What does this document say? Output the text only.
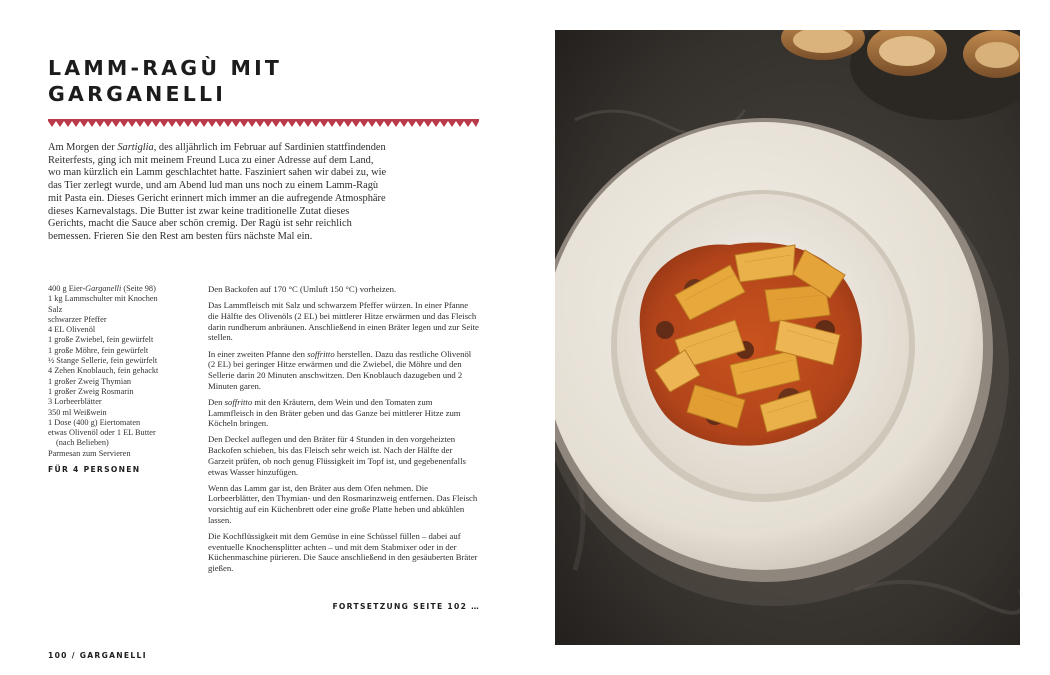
LAMM-RAGÙ MIT
GARGANELLI

Am Morgen der Sartiglia, des alljährlich im Februar auf Sardinien stattfindenden Reiterfests, ging ich mit meinem Freund Luca zu einer Adresse auf dem Land, wo man kürzlich ein Lamm geschlachtet hatte. Fasziniert sahen wir dabei zu, wie das Tier zerlegt wurde, und am Abend lud man uns noch zu einem Lamm-Ragù mit Pasta ein. Dieses Gericht erinnert mich immer an die aufregende Atmosphäre dieses Karnevalstags. Die Butter ist zwar keine traditionelle Zutat dieses Gerichts, macht die Sauce aber schön cremig. Der Ragù ist sehr reichlich bemessen. Frieren Sie den Rest am besten fürs nächste Mal ein.

400 g Eier-Garganelli (Seite 98)
1 kg Lammschulter mit Knochen
Salz
schwarzer Pfeffer
4 EL Olivenöl
1 große Zwiebel, fein gewürfelt
1 große Möhre, fein gewürfelt
½ Stange Sellerie, fein gewürfelt
4 Zehen Knoblauch, fein gehackt
1 großer Zweig Thymian
1 großer Zweig Rosmarin
3 Lorbeerblätter
350 ml Weißwein
1 Dose (400 g) Eiertomaten
etwas Olivenöl oder 1 EL Butter
(nach Belieben)
Parmesan zum Servieren
FÜR 4 PERSONEN

Den Backofen auf 170 °C (Umluft 150 °C) vorheizen.

Das Lammfleisch mit Salz und schwarzem Pfeffer würzen. In einer Pfanne die Hälfte des Olivenöls (2 EL) bei mittlerer Hitze erwärmen und das Fleisch darin rundherum anbräunen. Anschließend in einen Bräter legen und zur Seite stellen.

In einer zweiten Pfanne den soffritto herstellen. Dazu das restliche Olivenöl (2 EL) bei geringer Hitze erwärmen und die Zwiebel, die Möhre und den Sellerie darin 20 Minuten anschwitzen. Den Knoblauch dazugeben und 2 Minuten garen.

Den soffritto mit den Kräutern, dem Wein und den Tomaten zum Lammfleisch in den Bräter geben und das Ganze bei mittlerer Hitze zum Köcheln bringen.

Den Deckel auflegen und den Bräter für 4 Stunden in den vorgeheizten Backofen schieben, bis das Fleisch sehr weich ist. Nach der Hälfte der Garzeit prüfen, ob noch genug Flüssigkeit im Topf ist, und gegebenenfalls etwas Wasser hinzufügen.

Wenn das Lamm gar ist, den Bräter aus dem Ofen nehmen. Die Lorbeerblätter, den Thymian- und den Rosmarinzweig entfernen. Das Fleisch vorsichtig auf ein Küchenbrett oder eine große Platte heben und abkühlen lassen.

Die Kochflüssigkeit mit dem Gemüse in eine Schüssel füllen – dabei auf eventuelle Knochensplitter achten – und mit dem Stabmixer oder in der Küchenmaschine pürieren. Die Sauce anschließend in den gesäuberten Bräter gießen.

FORTSETZUNG SEITE 102 …
100 / GARGANELLI
